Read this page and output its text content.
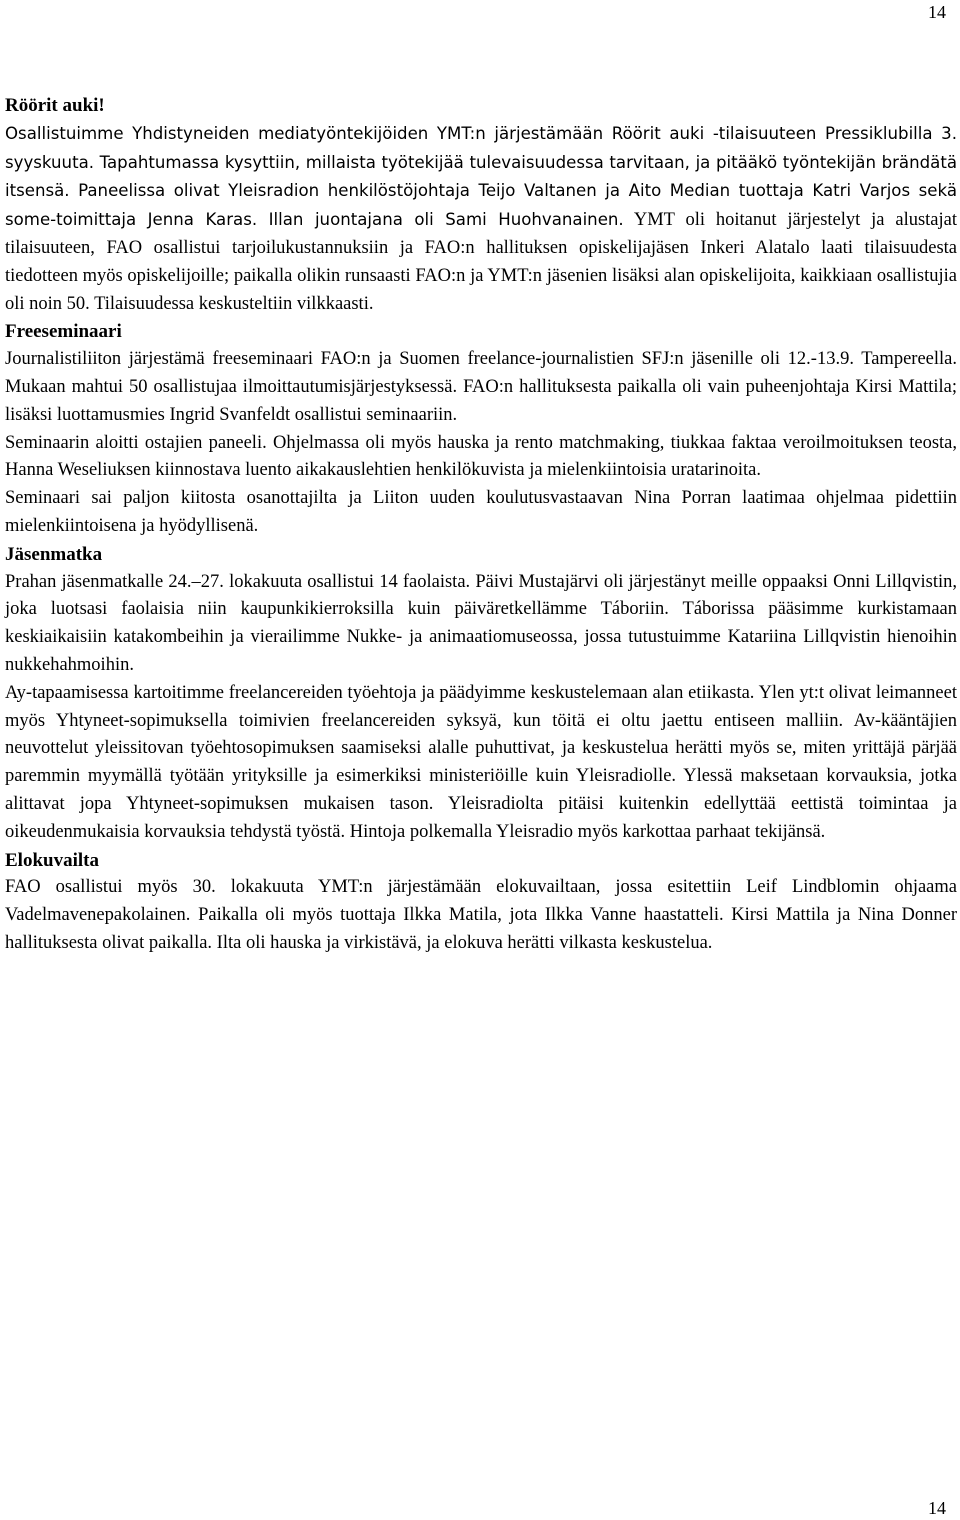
14
Röörit auki!

Osallistuimme Yhdistyneiden mediatyöntekijöiden YMT:n järjestämään Röörit auki -tilaisuuteen Pressiklubilla 3. syyskuuta. Tapahtumassa kysyttiin, millaista työtekijää tulevaisuudessa tarvitaan, ja pitääkö työntekijän brändätä itsensä. Paneelissa olivat Yleisradion henkilöstöjohtaja Teijo Valtanen ja Aito Median tuottaja Katri Varjos sekä some-toimittaja Jenna Karas. Illan juontajana oli Sami Huohvanainen. YMT oli hoitanut järjestelyt ja alustajat tilaisuuteen, FAO osallistui tarjoilukustannuksiin ja FAO:n hallituksen opiskelijajäsen Inkeri Alatalo laati tilaisuudesta tiedotteen myös opiskelijoille; paikalla olikin runsaasti FAO:n ja YMT:n jäsenien lisäksi alan opiskelijoita, kaikkiaan osallistujia oli noin 50. Tilaisuudessa keskusteltiin vilkkaasti.

Freeseminaari

Journalistiliiton järjestämä freeseminaari FAO:n ja Suomen freelance-journalistien SFJ:n jäsenille oli 12.-13.9. Tampereella. Mukaan mahtui 50 osallistujaa ilmoittautumisjärjestyksessä. FAO:n hallituksesta paikalla oli vain puheenjohtaja Kirsi Mattila; lisäksi luottamusmies Ingrid Svanfeldt osallistui seminaariin.

Seminaarin aloitti ostajien paneeli. Ohjelmassa oli myös hauska ja rento matchmaking, tiukkaa faktaa veroilmoituksen teosta, Hanna Weseliuksen kiinnostava luento aikakauslehtien henkilökuvista ja mielenkiintoisia uratarinoita.

Seminaari sai paljon kiitosta osanottajilta ja Liiton uuden koulutusvastaavan Nina Porran laatimaa ohjelmaa pidettiin mielenkiintoisena ja hyödyllisenä.

Jäsenmatka

Prahan jäsenmatkalle 24.–27. lokakuuta osallistui 14 faolaista. Päivi Mustajärvi oli järjestänyt meille oppaaksi Onni Lillqvistin, joka luotsasi faolaisia niin kaupunkikierroksilla kuin päiväretkellämme Táboriin. Táborissa pääsimme kurkistamaan keskiaikaisiin katakombeihin ja vierailimme Nukke- ja animaatiomuseossa, jossa tutustuimme Katariina Lillqvistin hienoihin nukkehahmoihin.

Ay-tapaamisessa kartoitimme freelancereiden työehtoja ja päädyimme keskustelemaan alan etiikasta. Ylen yt:t olivat leimanneet myös Yhtyneet-sopimuksella toimivien freelancereiden syksyä, kun töitä ei oltu jaettu entiseen malliin. Av-kääntäjien neuvottelut yleissitovan työehtosopimuksen saamiseksi alalle puhuttivat, ja keskustelua herätti myös se, miten yrittäjä pärjää paremmin myymällä työtään yrityksille ja esimerkiksi ministeriöille kuin Yleisradiolle. Ylessä maksetaan korvauksia, jotka alittavat jopa Yhtyneet-sopimuksen mukaisen tason. Yleisradiolta pitäisi kuitenkin edellyttää eettistä toimintaa ja oikeudenmukaisia korvauksia tehdystä työstä. Hintoja polkemalla Yleisradio myös karkottaa parhaat tekijänsä.

Elokuvailta

FAO osallistui myös 30. lokakuuta YMT:n järjestämään elokuvailtaan, jossa esitettiin Leif Lindblomin ohjaama Vadelmavenepakolainen. Paikalla oli myös tuottaja Ilkka Matila, jota Ilkka Vanne haastatteli. Kirsi Mattila ja Nina Donner hallituksesta olivat paikalla. Ilta oli hauska ja virkistävä, ja elokuva herätti vilkasta keskustelua.

14
